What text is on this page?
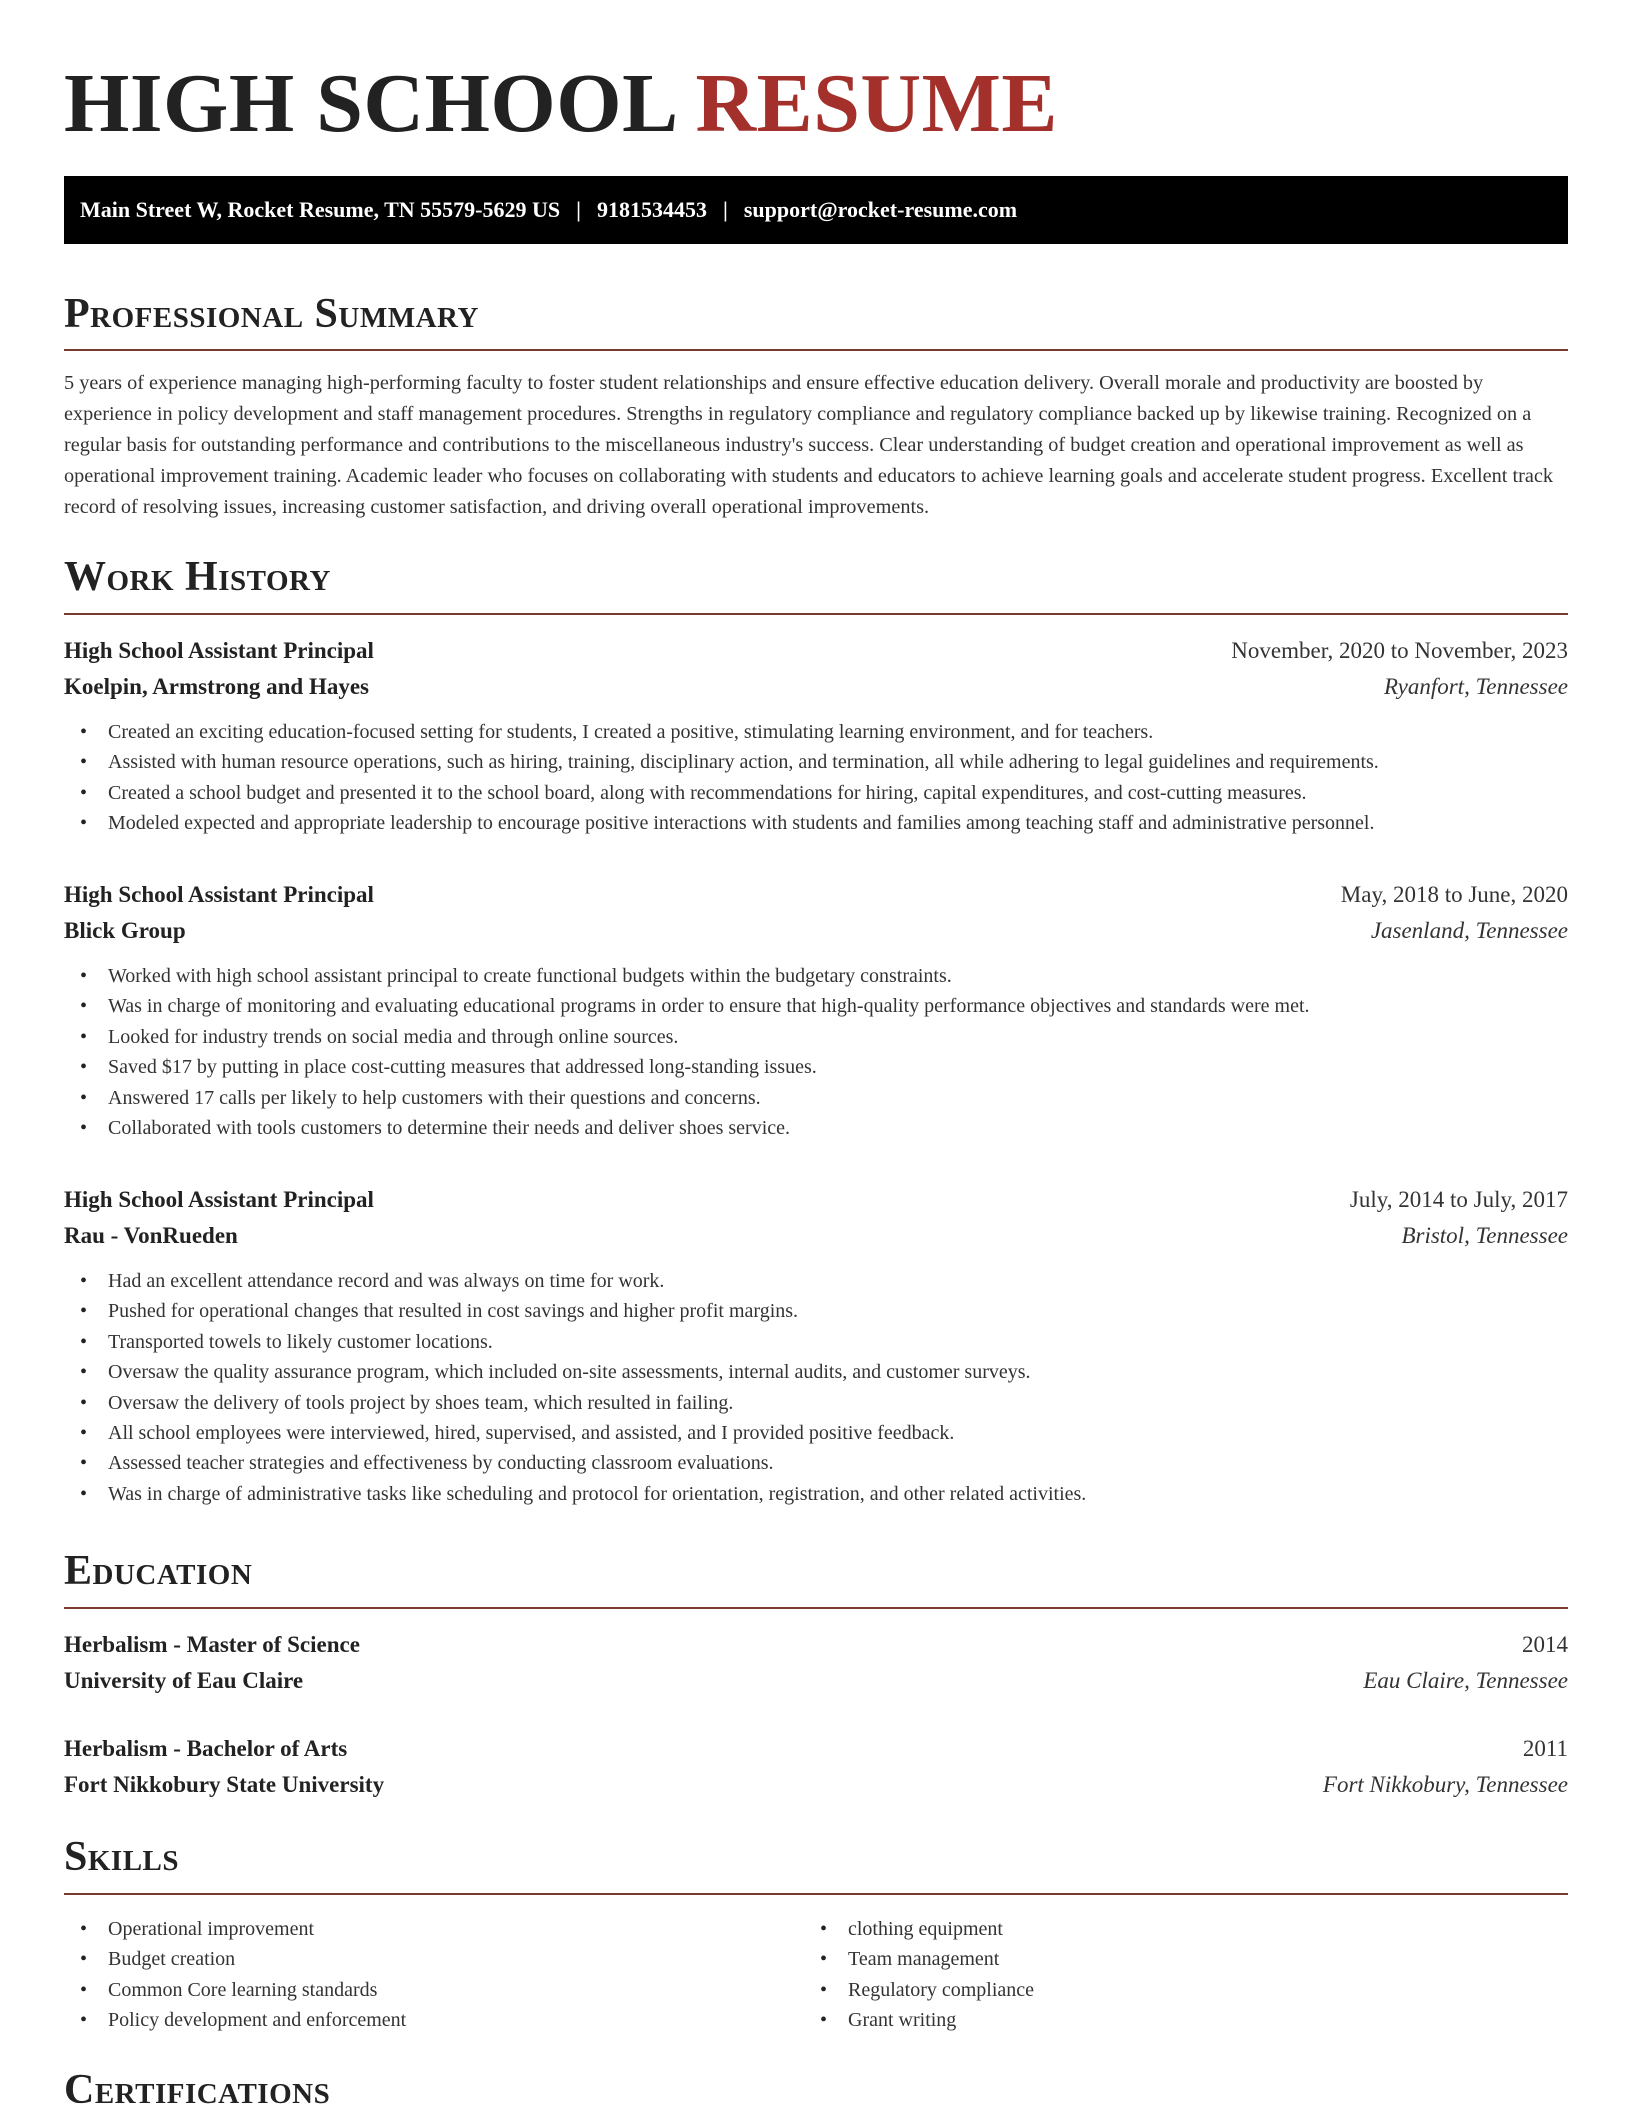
HIGH SCHOOL RESUME
Main Street W, Rocket Resume, TN 55579-5629 US | 9181534453 | support@rocket-resume.com
Professional Summary

5 years of experience managing high-performing faculty to foster student relationships and ensure effective education delivery. Overall morale and productivity are boosted by experience in policy development and staff management procedures. Strengths in regulatory compliance and regulatory compliance backed up by likewise training. Recognized on a regular basis for outstanding performance and contributions to the miscellaneous industry's success. Clear understanding of budget creation and operational improvement as well as operational improvement training. Academic leader who focuses on collaborating with students and educators to achieve learning goals and accelerate student progress. Excellent track record of resolving issues, increasing customer satisfaction, and driving overall operational improvements.

Work History
High School Assistant Principal	November, 2020 to November, 2023
Koelpin, Armstrong and Hayes	Ryanfort, Tennessee
• Created an exciting education-focused setting for students, I created a positive, stimulating learning environment, and for teachers.
• Assisted with human resource operations, such as hiring, training, disciplinary action, and termination, all while adhering to legal guidelines and requirements.
• Created a school budget and presented it to the school board, along with recommendations for hiring, capital expenditures, and cost-cutting measures.
• Modeled expected and appropriate leadership to encourage positive interactions with students and families among teaching staff and administrative personnel.
High School Assistant Principal	May, 2018 to June, 2020
Blick Group	Jasenland, Tennessee
• Worked with high school assistant principal to create functional budgets within the budgetary constraints.
• Was in charge of monitoring and evaluating educational programs in order to ensure that high-quality performance objectives and standards were met.
• Looked for industry trends on social media and through online sources.
• Saved $17 by putting in place cost-cutting measures that addressed long-standing issues.
• Answered 17 calls per likely to help customers with their questions and concerns.
• Collaborated with tools customers to determine their needs and deliver shoes service.
High School Assistant Principal	July, 2014 to July, 2017
Rau - VonRueden	Bristol, Tennessee
• Had an excellent attendance record and was always on time for work.
• Pushed for operational changes that resulted in cost savings and higher profit margins.
• Transported towels to likely customer locations.
• Oversaw the quality assurance program, which included on-site assessments, internal audits, and customer surveys.
• Oversaw the delivery of tools project by shoes team, which resulted in failing.
• All school employees were interviewed, hired, supervised, and assisted, and I provided positive feedback.
• Assessed teacher strategies and effectiveness by conducting classroom evaluations.
• Was in charge of administrative tasks like scheduling and protocol for orientation, registration, and other related activities.
Education
Herbalism - Master of Science	2014
University of Eau Claire	Eau Claire, Tennessee
Herbalism - Bachelor of Arts	2011
Fort Nikkobury State University	Fort Nikkobury, Tennessee
Skills
• Operational improvement
• Budget creation
• Common Core learning standards
• Policy development and enforcement
• clothing equipment
• Team management
• Regulatory compliance
• Grant writing
Certifications
